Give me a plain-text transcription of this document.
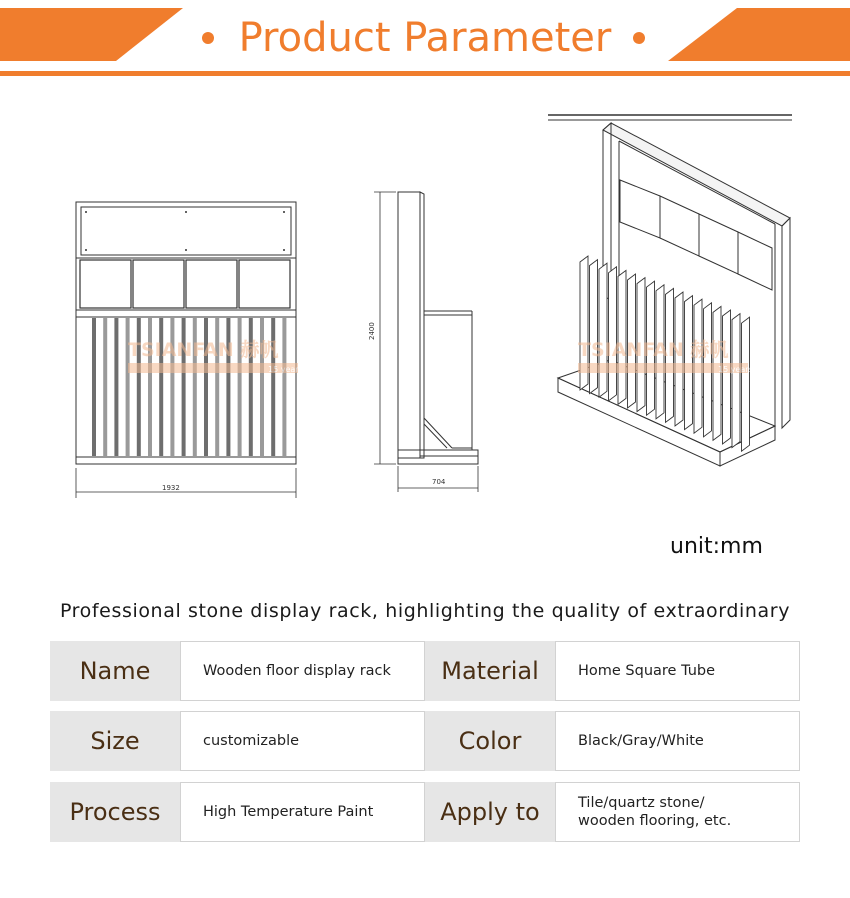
Product Parameter
1932
2400
704
TSIANFAN 赫帆
15 years
TSIANFAN 赫帆
15 years
unit:mm
Professional stone display rack, highlighting the quality of extraordinary
Name	Wooden floor display rack	Material	Home Square Tube
Size	customizable	Color	Black/Gray/White
Process	High Temperature Paint	Apply to	Tile/quartz stone/
wooden flooring, etc.
